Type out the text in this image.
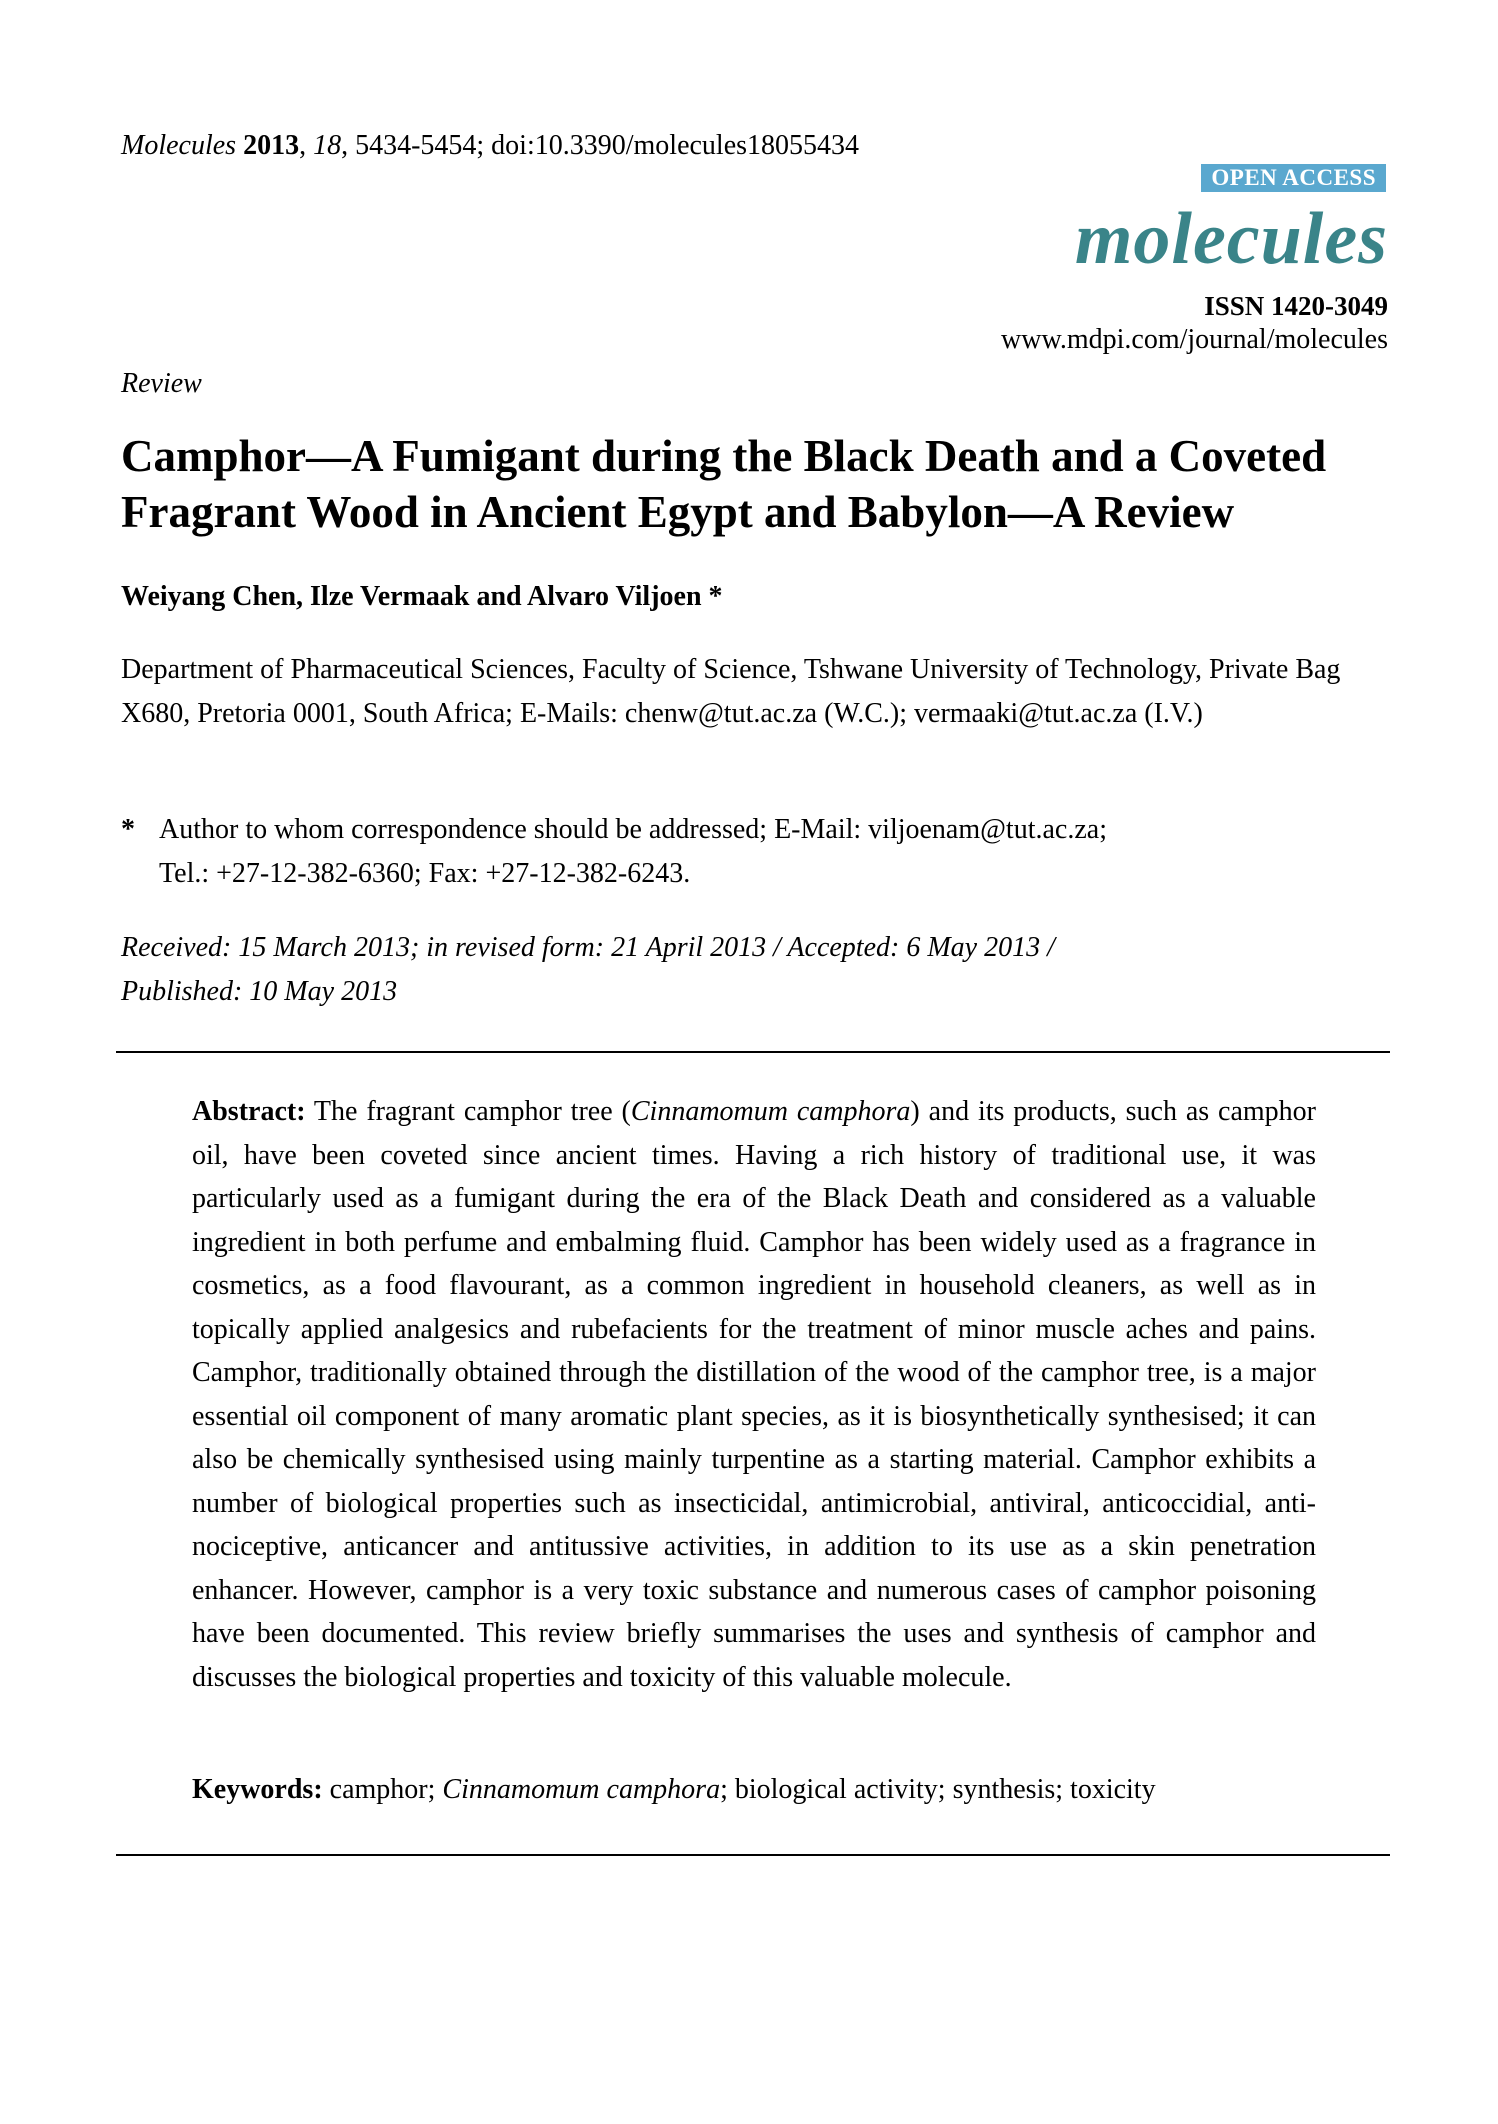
Molecules 2013, 18, 5434-5454; doi:10.3390/molecules18055434
OPEN ACCESS
molecules
ISSN 1420-3049
www.mdpi.com/journal/molecules
Review
Camphor—A Fumigant during the Black Death and a Coveted Fragrant Wood in Ancient Egypt and Babylon—A Review
Weiyang Chen, Ilze Vermaak and Alvaro Viljoen *
Department of Pharmaceutical Sciences, Faculty of Science, Tshwane University of Technology, Private Bag X680, Pretoria 0001, South Africa; E-Mails: chenw@tut.ac.za (W.C.); vermaaki@tut.ac.za (I.V.)
* Author to whom correspondence should be addressed; E-Mail: viljoenam@tut.ac.za;
Tel.: +27-12-382-6360; Fax: +27-12-382-6243.
Received: 15 March 2013; in revised form: 21 April 2013 / Accepted: 6 May 2013 /
Published: 10 May 2013
Abstract: The fragrant camphor tree (Cinnamomum camphora) and its products, such as camphor oil, have been coveted since ancient times. Having a rich history of traditional use, it was particularly used as a fumigant during the era of the Black Death and considered as a valuable ingredient in both perfume and embalming fluid. Camphor has been widely used as a fragrance in cosmetics, as a food flavourant, as a common ingredient in household cleaners, as well as in topically applied analgesics and rubefacients for the treatment of minor muscle aches and pains. Camphor, traditionally obtained through the distillation of the wood of the camphor tree, is a major essential oil component of many aromatic plant species, as it is biosynthetically synthesised; it can also be chemically synthesised using mainly turpentine as a starting material. Camphor exhibits a number of biological properties such as insecticidal, antimicrobial, antiviral, anticoccidial, anti-nociceptive, anticancer and antitussive activities, in addition to its use as a skin penetration enhancer. However, camphor is a very toxic substance and numerous cases of camphor poisoning have been documented. This review briefly summarises the uses and synthesis of camphor and discusses the biological properties and toxicity of this valuable molecule.
Keywords: camphor; Cinnamomum camphora; biological activity; synthesis; toxicity
